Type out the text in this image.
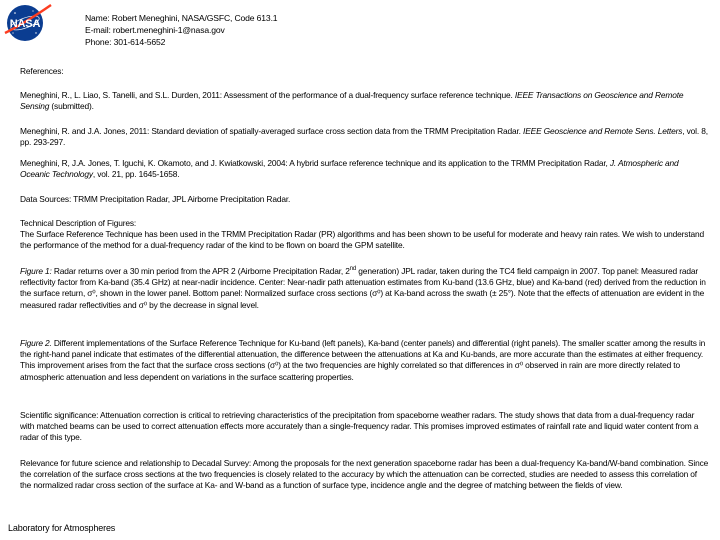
NASA	Name: Robert Meneghini, NASA/GSFC, Code 613.1
E-mail: robert.meneghini-1@nasa.gov
Phone: 301-614-5652
References:
Meneghini, R., L. Liao, S. Tanelli, and S.L. Durden, 2011: Assessment of the performance of a dual-frequency surface reference technique. IEEE Transactions on Geoscience and Remote Sensing (submitted).
Meneghini, R. and J.A. Jones, 2011: Standard deviation of spatially-averaged surface cross section data from the TRMM Precipitation Radar. IEEE Geoscience and Remote Sens. Letters, vol. 8, pp. 293-297.
Meneghini, R, J.A. Jones, T. Iguchi, K. Okamoto, and J. Kwiatkowski, 2004: A hybrid surface reference technique and its application to the TRMM Precipitation Radar, J. Atmospheric and Oceanic Technology, vol. 21, pp. 1645-1658.
Data Sources: TRMM Precipitation Radar, JPL Airborne Precipitation Radar.
Technical Description of Figures:
The Surface Reference Technique has been used in the TRMM Precipitation Radar (PR) algorithms and has been shown to be useful for moderate and heavy rain rates. We wish to understand the performance of the method for a dual-frequency radar of the kind to be flown on board the GPM satellite.
Figure 1: Radar returns over a 30 min period from the APR 2 (Airborne Precipitation Radar, 2nd generation) JPL radar, taken during the TC4 field campaign in 2007. Top panel: Measured radar reflectivity factor from Ka-band (35.4 GHz) at near-nadir incidence. Center: Near-nadir path attenuation estimates from Ku-band (13.6 GHz, blue) and Ka-band (red) derived from the reduction in the surface return, σ⁰, shown in the lower panel. Bottom panel: Normalized surface cross sections (σ⁰) at Ka-band across the swath (± 25°). Note that the effects of attenuation are evident in the measured radar reflectivities and σ⁰ by the decrease in signal level.
Figure 2. Different implementations of the Surface Reference Technique for Ku-band (left panels), Ka-band (center panels) and differential (right panels). The smaller scatter among the results in the right-hand panel indicate that estimates of the differential attenuation, the difference between the attenuations at Ka and Ku-bands, are more accurate than the estimates at either frequency. This improvement arises from the fact that the surface cross sections (σ⁰) at the two frequencies are highly correlated so that differences in σ⁰ observed in rain are more directly related to atmospheric attenuation and less dependent on variations in the surface scattering properties.
Scientific significance: Attenuation correction is critical to retrieving characteristics of the precipitation from spaceborne weather radars. The study shows that data from a dual-frequency radar with matched beams can be used to correct attenuation effects more accurately than a single-frequency radar. This promises improved estimates of rainfall rate and liquid water content from a radar of this type.
Relevance for future science and relationship to Decadal Survey: Among the proposals for the next generation spaceborne radar has been a dual-frequency Ka-band/W-band combination. Since the correlation of the surface cross sections at the two frequencies is closely related to the accuracy by which the attenuation can be corrected, studies are needed to assess this correlation of the normalized radar cross section of the surface at Ka- and W-band as a function of surface type, incidence angle and the degree of matching between the fields of view.
Laboratory for Atmospheres
